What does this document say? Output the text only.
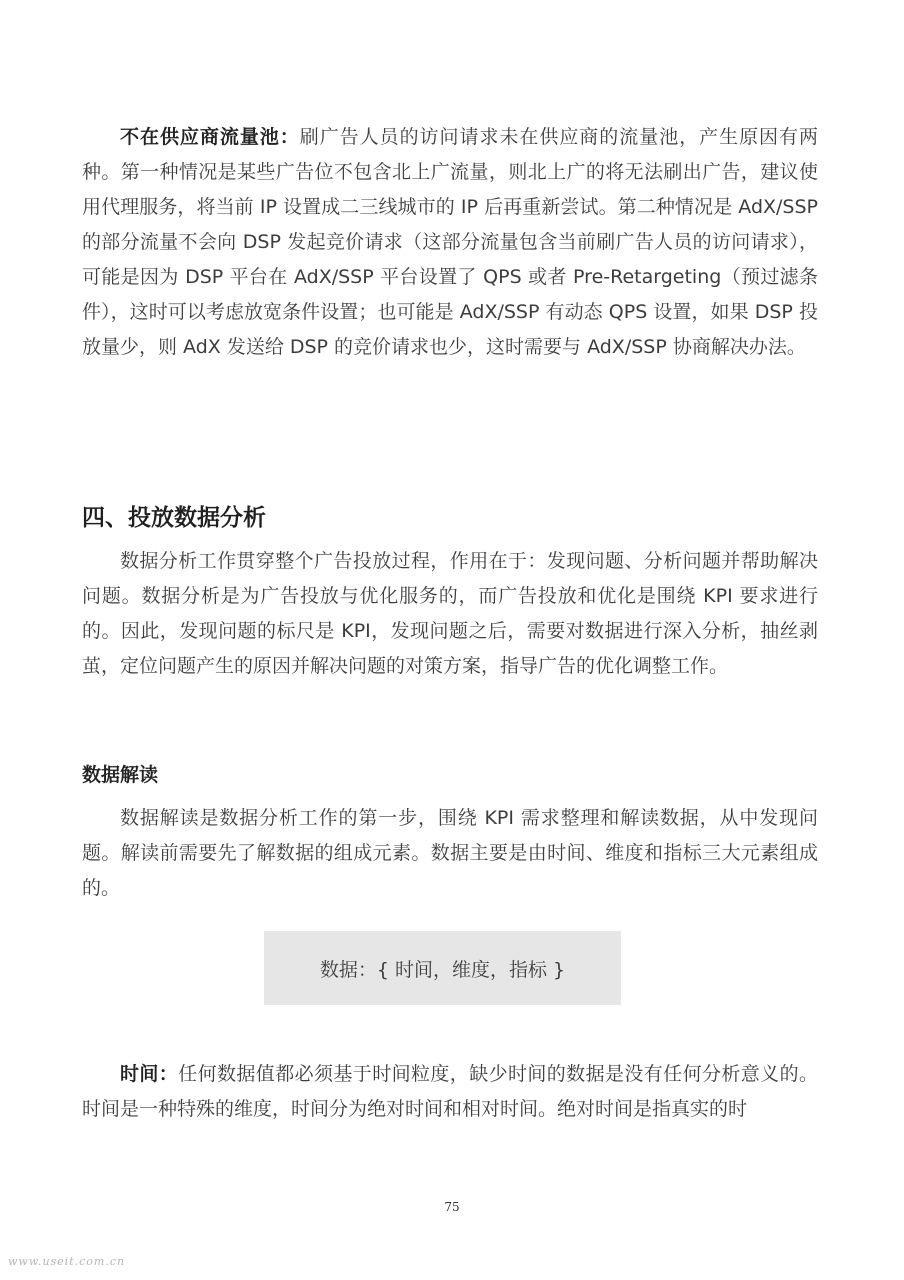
不在供应商流量池：刷广告人员的访问请求未在供应商的流量池，产生原因有两种。第一种情况是某些广告位不包含北上广流量，则北上广的将无法刷出广告，建议使用代理服务，将当前 IP 设置成二三线城市的 IP 后再重新尝试。第二种情况是 AdX/SSP 的部分流量不会向 DSP 发起竞价请求（这部分流量包含当前刷广告人员的访问请求），可能是因为 DSP 平台在 AdX/SSP 平台设置了 QPS 或者 Pre-Retargeting（预过滤条件），这时可以考虑放宽条件设置；也可能是 AdX/SSP 有动态 QPS 设置，如果 DSP 投放量少，则 AdX 发送给 DSP 的竞价请求也少，这时需要与 AdX/SSP 协商解决办法。

四、投放数据分析

数据分析工作贯穿整个广告投放过程，作用在于：发现问题、分析问题并帮助解决问题。数据分析是为广告投放与优化服务的，而广告投放和优化是围绕 KPI 要求进行的。因此，发现问题的标尺是 KPI，发现问题之后，需要对数据进行深入分析，抽丝剥茧，定位问题产生的原因并解决问题的对策方案，指导广告的优化调整工作。

数据解读

数据解读是数据分析工作的第一步，围绕 KPI 需求整理和解读数据，从中发现问题。解读前需要先了解数据的组成元素。数据主要是由时间、维度和指标三大元素组成的。

数据：{ 时间，维度，指标 }

时间：任何数据值都必须基于时间粒度，缺少时间的数据是没有任何分析意义的。时间是一种特殊的维度，时间分为绝对时间和相对时间。绝对时间是指真实的时

75
www.useit.com.cn
